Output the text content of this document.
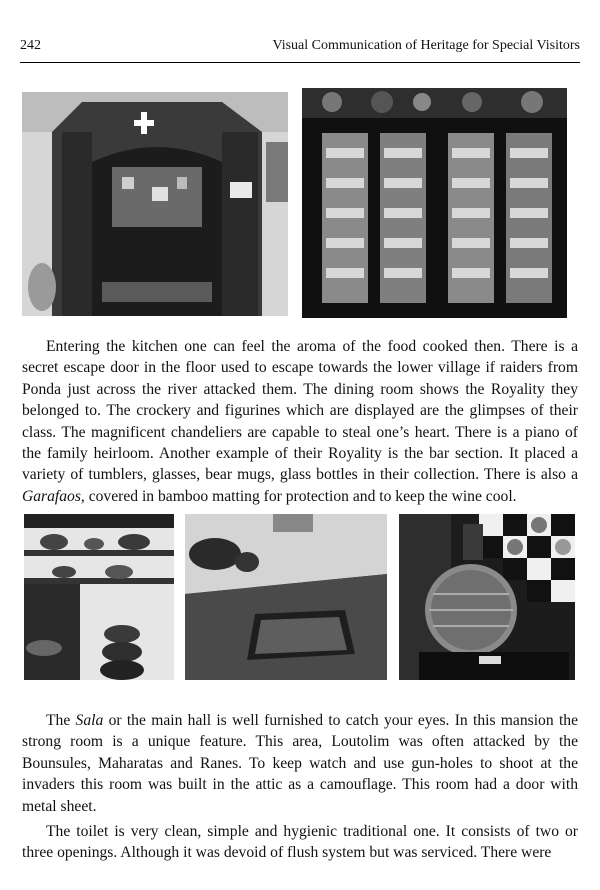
242	Visual Communication of Heritage for Special Visitors

Entering the kitchen one can feel the aroma of the food cooked then. There is a secret escape door in the floor used to escape towards the lower village if raiders from Ponda just across the river attacked them. The dining room shows the Royality they belonged to. The crockery and figurines which are displayed are the glimpses of their class. The magnificent chandeliers are capable to steal one’s heart. There is a piano of the family heirloom. Another example of their Royality is the bar section. It placed a variety of tumblers, glasses, bear mugs, glass bottles in their collection. There is also a Garafaos, covered in bamboo matting for protection and to keep the wine cool.

The Sala or the main hall is well furnished to catch your eyes. In this mansion the strong room is a unique feature. This area, Loutolim was often attacked by the Bounsules, Maharatas and Ranes. To keep watch and use gun-holes to shoot at the invaders this room was built in the attic as a camouflage. This room had a door with metal sheet.

The toilet is very clean, simple and hygienic traditional one. It consists of two or three openings. Although it was devoid of flush system but was serviced. There were
